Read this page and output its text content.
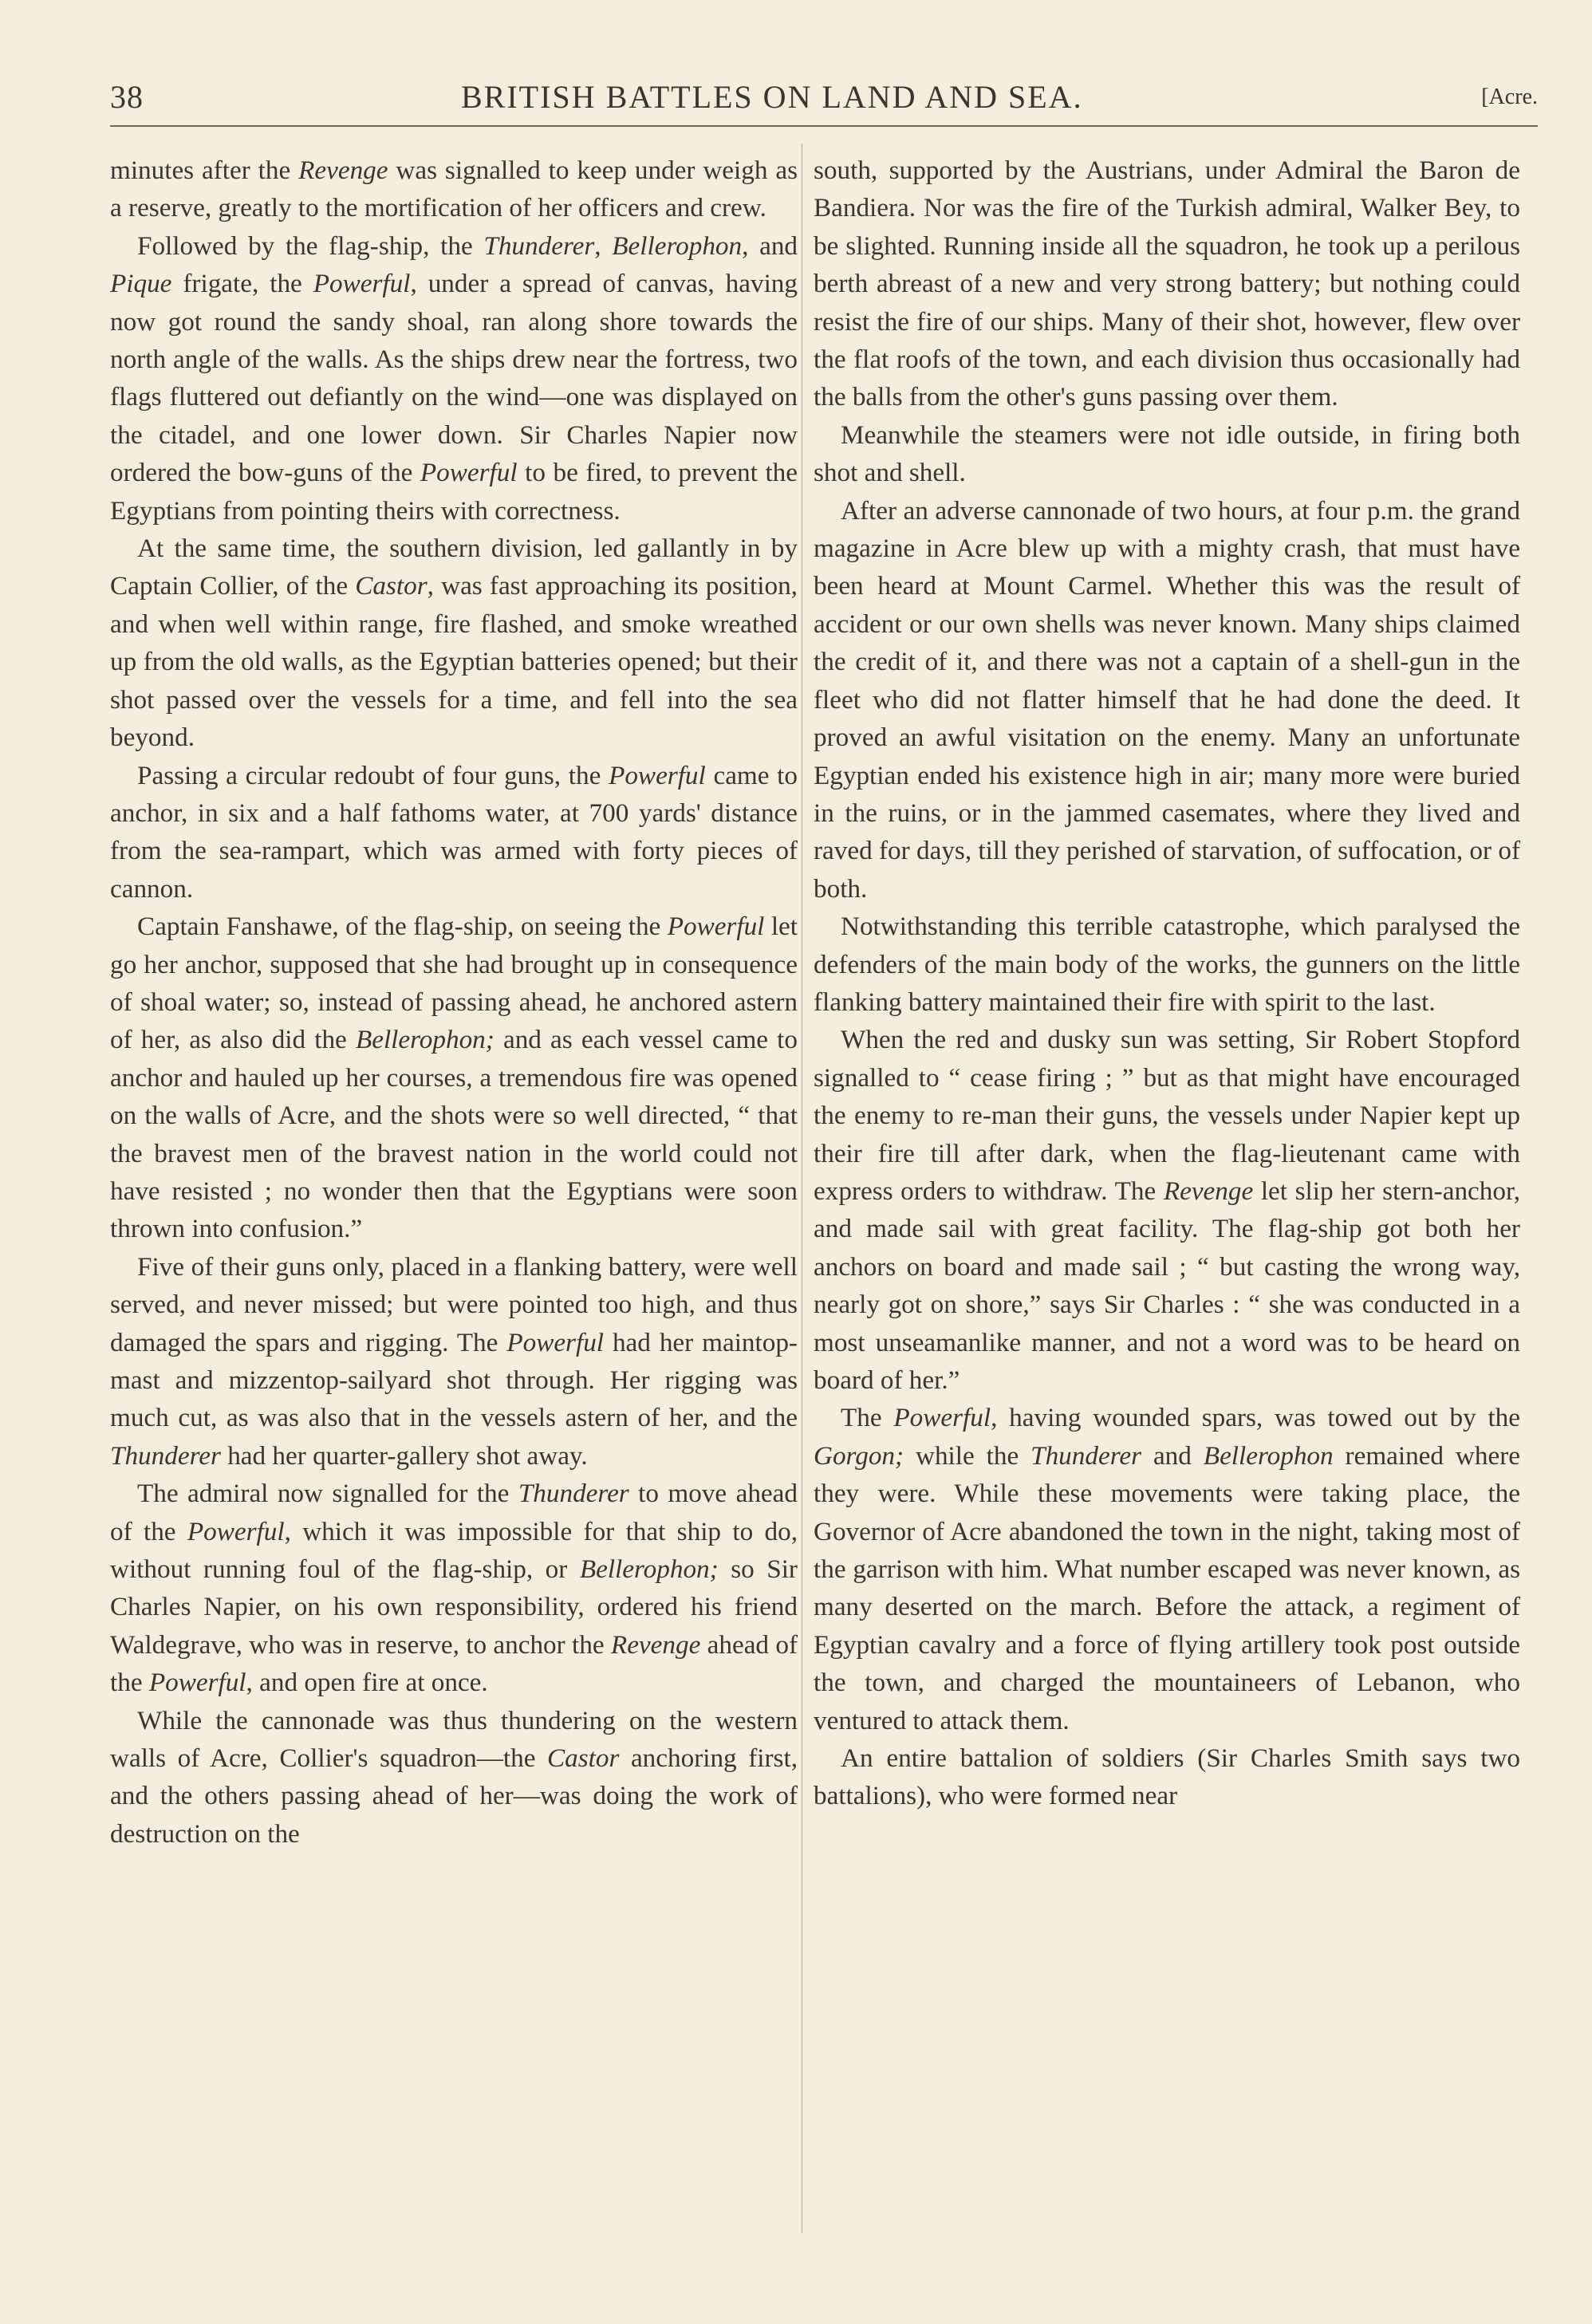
38	BRITISH BATTLES ON LAND AND SEA.	[Acre.

minutes after the Revenge was signalled to keep under weigh as a reserve, greatly to the mortification of her officers and crew.

Followed by the flag-ship, the Thunderer, Bellerophon, and Pique frigate, the Powerful, under a spread of canvas, having now got round the sandy shoal, ran along shore towards the north angle of the walls. As the ships drew near the fortress, two flags fluttered out defiantly on the wind—one was displayed on the citadel, and one lower down. Sir Charles Napier now ordered the bow-guns of the Powerful to be fired, to prevent the Egyptians from pointing theirs with correctness.

At the same time, the southern division, led gallantly in by Captain Collier, of the Castor, was fast approaching its position, and when well within range, fire flashed, and smoke wreathed up from the old walls, as the Egyptian batteries opened; but their shot passed over the vessels for a time, and fell into the sea beyond.

Passing a circular redoubt of four guns, the Powerful came to anchor, in six and a half fathoms water, at 700 yards' distance from the sea-rampart, which was armed with forty pieces of cannon.

Captain Fanshawe, of the flag-ship, on seeing the Powerful let go her anchor, supposed that she had brought up in consequence of shoal water; so, instead of passing ahead, he anchored astern of her, as also did the Bellerophon; and as each vessel came to anchor and hauled up her courses, a tremendous fire was opened on the walls of Acre, and the shots were so well directed, “ that the bravest men of the bravest nation in the world could not have resisted ; no wonder then that the Egyptians were soon thrown into confusion.”

Five of their guns only, placed in a flanking battery, were well served, and never missed; but were pointed too high, and thus damaged the spars and rigging. The Powerful had her maintop-mast and mizzentop-sailyard shot through. Her rigging was much cut, as was also that in the vessels astern of her, and the Thunderer had her quarter-gallery shot away.

The admiral now signalled for the Thunderer to move ahead of the Powerful, which it was impossible for that ship to do, without running foul of the flag-ship, or Bellerophon; so Sir Charles Napier, on his own responsibility, ordered his friend Waldegrave, who was in reserve, to anchor the Revenge ahead of the Powerful, and open fire at once.

While the cannonade was thus thundering on the western walls of Acre, Collier's squadron—the Castor anchoring first, and the others passing ahead of her—was doing the work of destruction on the

south, supported by the Austrians, under Admiral the Baron de Bandiera. Nor was the fire of the Turkish admiral, Walker Bey, to be slighted. Running inside all the squadron, he took up a perilous berth abreast of a new and very strong battery; but nothing could resist the fire of our ships. Many of their shot, however, flew over the flat roofs of the town, and each division thus occasionally had the balls from the other's guns passing over them.

Meanwhile the steamers were not idle outside, in firing both shot and shell.

After an adverse cannonade of two hours, at four p.m. the grand magazine in Acre blew up with a mighty crash, that must have been heard at Mount Carmel. Whether this was the result of accident or our own shells was never known. Many ships claimed the credit of it, and there was not a captain of a shell-gun in the fleet who did not flatter himself that he had done the deed. It proved an awful visitation on the enemy. Many an unfortunate Egyptian ended his existence high in air; many more were buried in the ruins, or in the jammed casemates, where they lived and raved for days, till they perished of starvation, of suffocation, or of both.

Notwithstanding this terrible catastrophe, which paralysed the defenders of the main body of the works, the gunners on the little flanking battery maintained their fire with spirit to the last.

When the red and dusky sun was setting, Sir Robert Stopford signalled to “ cease firing ; ” but as that might have encouraged the enemy to re-man their guns, the vessels under Napier kept up their fire till after dark, when the flag-lieutenant came with express orders to withdraw. The Revenge let slip her stern-anchor, and made sail with great facility. The flag-ship got both her anchors on board and made sail ; “ but casting the wrong way, nearly got on shore,” says Sir Charles : “ she was conducted in a most unseamanlike manner, and not a word was to be heard on board of her.”

The Powerful, having wounded spars, was towed out by the Gorgon; while the Thunderer and Bellerophon remained where they were. While these movements were taking place, the Governor of Acre abandoned the town in the night, taking most of the garrison with him. What number escaped was never known, as many deserted on the march. Before the attack, a regiment of Egyptian cavalry and a force of flying artillery took post outside the town, and charged the mountaineers of Lebanon, who ventured to attack them.

An entire battalion of soldiers (Sir Charles Smith says two battalions), who were formed near
